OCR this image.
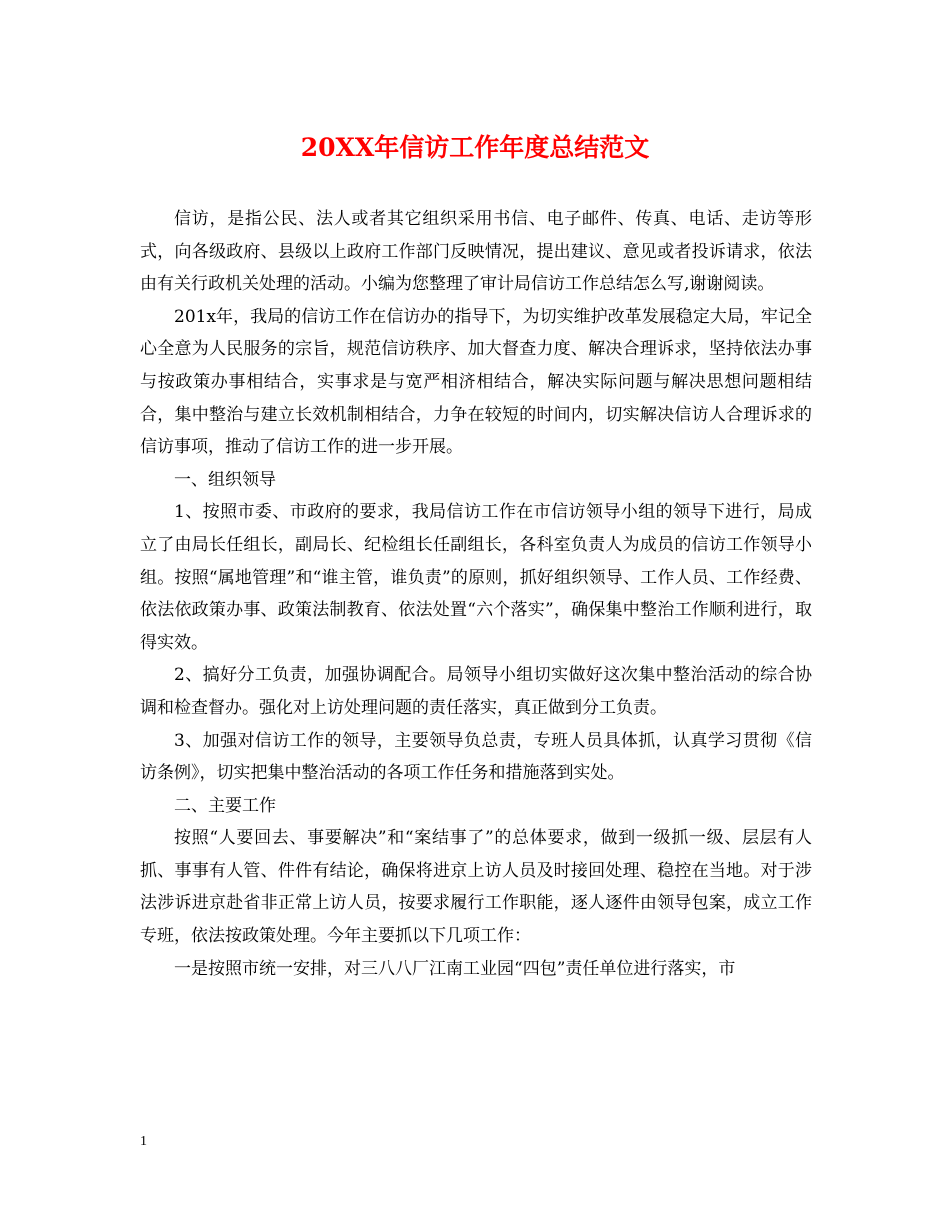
20XX年信访工作年度总结范文

信访，是指公民、法人或者其它组织采用书信、电子邮件、传真、电话、走访等形式，向各级政府、县级以上政府工作部门反映情况，提出建议、意见或者投诉请求，依法由有关行政机关处理的活动。小编为您整理了审计局信访工作总结怎么写,谢谢阅读。

201x年，我局的信访工作在信访办的指导下，为切实维护改革发展稳定大局，牢记全心全意为人民服务的宗旨，规范信访秩序、加大督查力度、解决合理诉求，坚持依法办事与按政策办事相结合，实事求是与宽严相济相结合，解决实际问题与解决思想问题相结合，集中整治与建立长效机制相结合，力争在较短的时间内，切实解决信访人合理诉求的信访事项，推动了信访工作的进一步开展。

一、组织领导

1、按照市委、市政府的要求，我局信访工作在市信访领导小组的领导下进行，局成立了由局长任组长，副局长、纪检组长任副组长，各科室负责人为成员的信访工作领导小组。按照“属地管理”和“谁主管，谁负责”的原则，抓好组织领导、工作人员、工作经费、依法依政策办事、政策法制教育、依法处置“六个落实”，确保集中整治工作顺利进行，取得实效。

2、搞好分工负责，加强协调配合。局领导小组切实做好这次集中整治活动的综合协调和检查督办。强化对上访处理问题的责任落实，真正做到分工负责。

3、加强对信访工作的领导，主要领导负总责，专班人员具体抓，认真学习贯彻《信访条例》，切实把集中整治活动的各项工作任务和措施落到实处。

二、主要工作

按照“人要回去、事要解决”和“案结事了”的总体要求，做到一级抓一级、层层有人抓、事事有人管、件件有结论，确保将进京上访人员及时接回处理、稳控在当地。对于涉法涉诉进京赴省非正常上访人员，按要求履行工作职能，逐人逐件由领导包案，成立工作专班，依法按政策处理。今年主要抓以下几项工作：

一是按照市统一安排，对三八八厂江南工业园“四包”责任单位进行落实，市

1
